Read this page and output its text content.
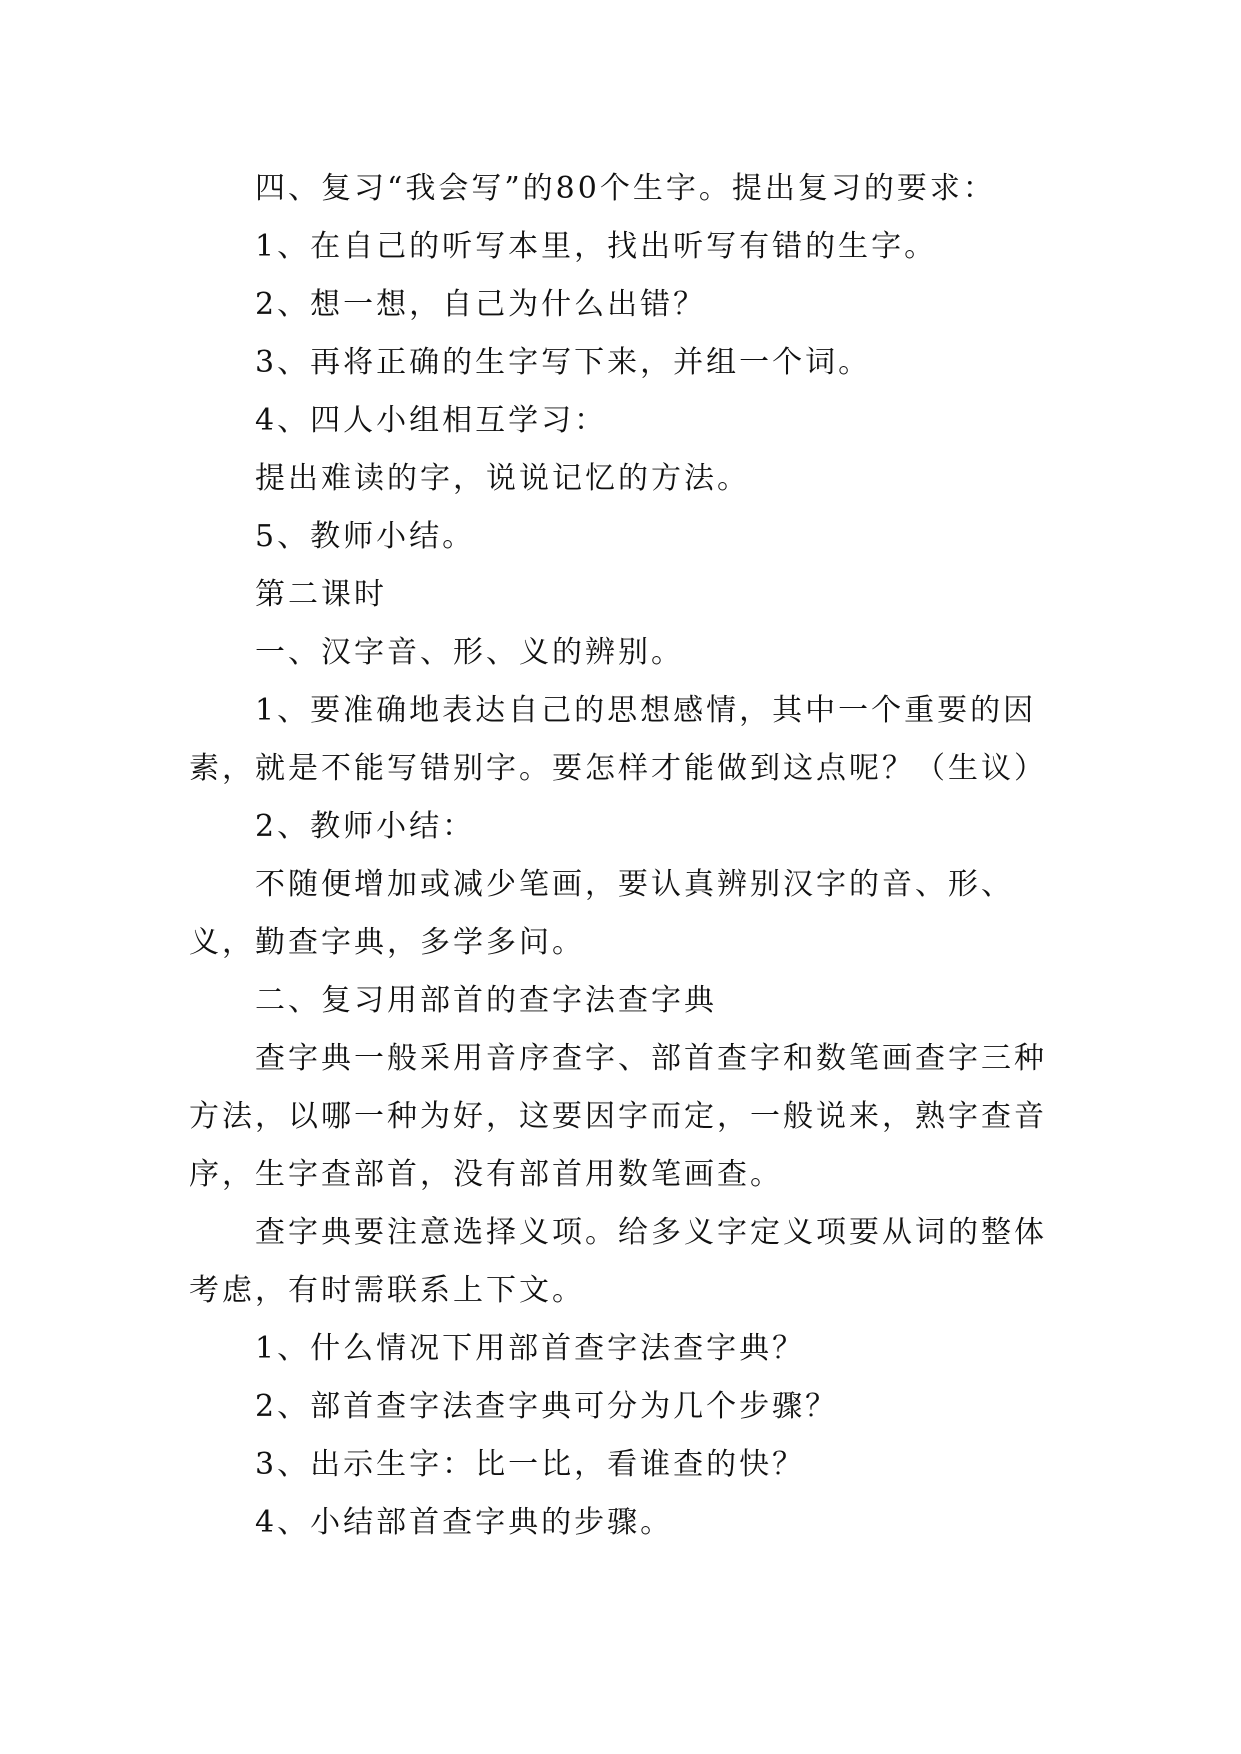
四、复习“我会写”的80个生字。提出复习的要求：

1、在自己的听写本里，找出听写有错的生字。

2、想一想，自己为什么出错？

3、再将正确的生字写下来，并组一个词。

4、四人小组相互学习：

提出难读的字，说说记忆的方法。

5、教师小结。

第二课时

一、汉字音、形、义的辨别。

1、要准确地表达自己的思想感情，其中一个重要的因素，就是不能写错别字。要怎样才能做到这点呢？（生议）

2、教师小结：

不随便增加或减少笔画，要认真辨别汉字的音、形、义，勤查字典，多学多问。

二、复习用部首的查字法查字典

查字典一般采用音序查字、部首查字和数笔画查字三种方法，以哪一种为好，这要因字而定，一般说来，熟字查音序，生字查部首，没有部首用数笔画查。

查字典要注意选择义项。给多义字定义项要从词的整体考虑，有时需联系上下文。

1、什么情况下用部首查字法查字典？

2、部首查字法查字典可分为几个步骤？

3、出示生字：比一比，看谁查的快？

4、小结部首查字典的步骤。
